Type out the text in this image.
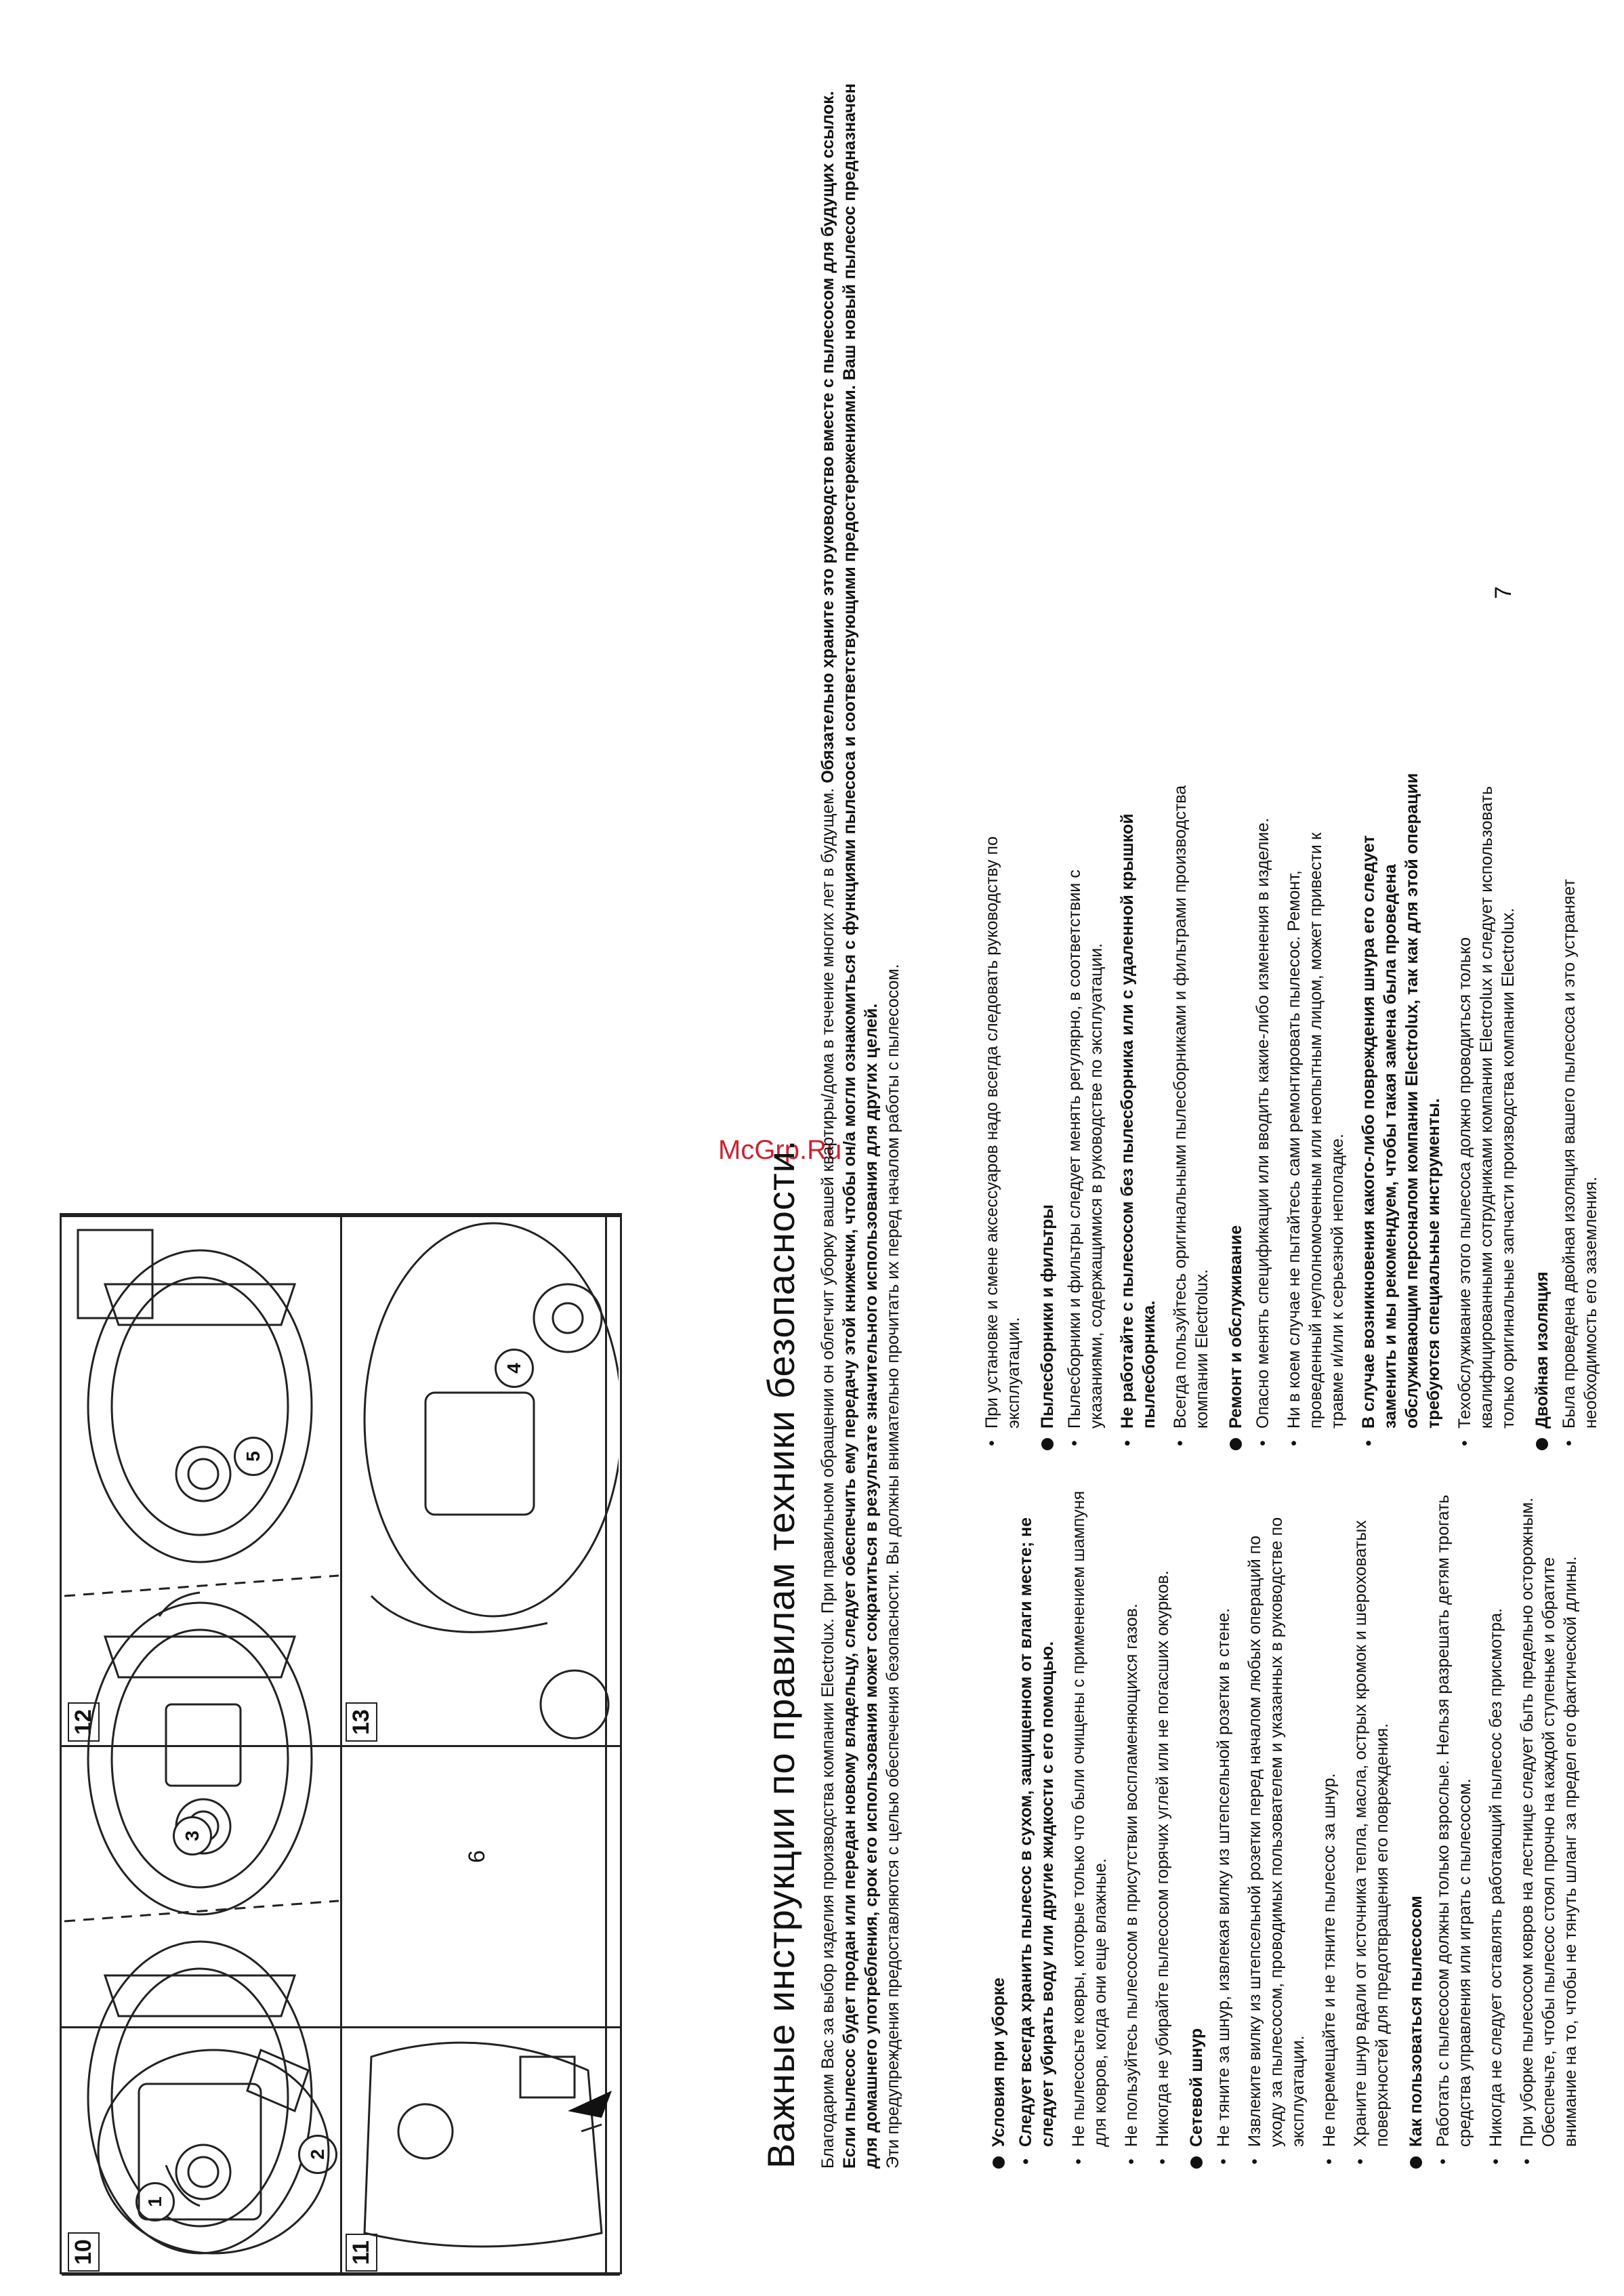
10	11
13
12
1
2
3
4
5
6
7
McGrp.Ru
Важные инструкции по правилам техники безопасности. Благодарим Вас за выбор изделия производства компании Electrolux. При правильном обращении он облегчит уборку вашей квартиры/дома в течение многих лет в будущем. Обязательно храните это руководство вместе с пылесосом для будущих ссылок. Если пылесос будет продан или передан новому владельцу, следует обеспечить ему передачу этой книжечки, чтобы он/а могли ознакомиться с функциями пылесоса и соответствующими предостережениями. Ваш новый пылесос предназначен для домашнего употребления, срок его использования может сократиться в результате значительного использования для других целей. Эти предупреждения предоставляются с целью обеспечения безопасности. Вы должны внимательно прочитать их перед началом работы с пылесосом.	Условия при уборке • Следует всегда хранить пылесос в сухом, защищенном от влаги месте; не следует убирать воду или другие жидкости с его помощью. • Не пылесосьте ковры, которые только что были очищены с применением шампуня для ковров, когда они еще влажные. • Не пользуйтесь пылесосом в присутствии воспламеняющихся газов. • Никогда не убирайте пылесосом горячих углей или не погасших окурков. Сетевой шнур • Не тяните за шнур, извлекая вилку из штепсельной розетки в стене. • Извлеките вилку из штепсельной розетки перед началом любых операций по уходу за пылесосом, проводимых пользователем и указанных в руководстве по эксплуатации. • Не перемещайте и не тяните пылесос за шнур. • Храните шнур вдали от источника тепла, масла, острых кромок и шероховатых поверхностей для предотвращения его повреждения. Как пользоваться пылесосом • Работать с пылесосом должны только взрослые. Нельзя разрешать детям трогать средства управления или играть с пылесосом. • Никогда не следует оставлять работающий пылесос без присмотра. • При уборке пылесосом ковров на лестнице следует быть предельно осторожным. Обеспечьте, чтобы пылесос стоял прочно на каждой ступеньке и обратите внимание на то, чтобы не тянуть шланг за предел его фактической длины.

• При установке и смене аксессуаров надо всегда следовать руководству по эксплуатации. Пылесборники и фильтры • Пылесборники и фильтры следует менять регулярно, в соответствии с указаниями, содержащимися в руководстве по эксплуатации. • Не работайте с пылесосом без пылесборника или с удаленной крышкой пылесборника. • Всегда пользуйтесь оригинальными пылесборниками и фильтрами производства компании Electrolux. Ремонт и обслуживание • Опасно менять спецификации или вводить какие-либо изменения в изделие. • Ни в коем случае не пытайтесь сами ремонтировать пылесос. Ремонт, проведенный неуполномоченным или неопытным лицом, может привести к травме и/или к серьезной неполадке. • В случае возникновения какого-либо повреждения шнура его следует заменить и мы рекомендуем, чтобы такая замена была проведена обслуживающим персоналом компании Electrolux, так как для этой операции требуются специальные инструменты. • Техобслуживание этого пылесоса должно проводиться только квалифицированными сотрудниками компании Electrolux и следует использовать только оригинальные запчасти производства компании Electrolux. Двойная изоляция • Была проведена двойная изоляция вашего пылесоса и это устраняет необходимость его заземления.
